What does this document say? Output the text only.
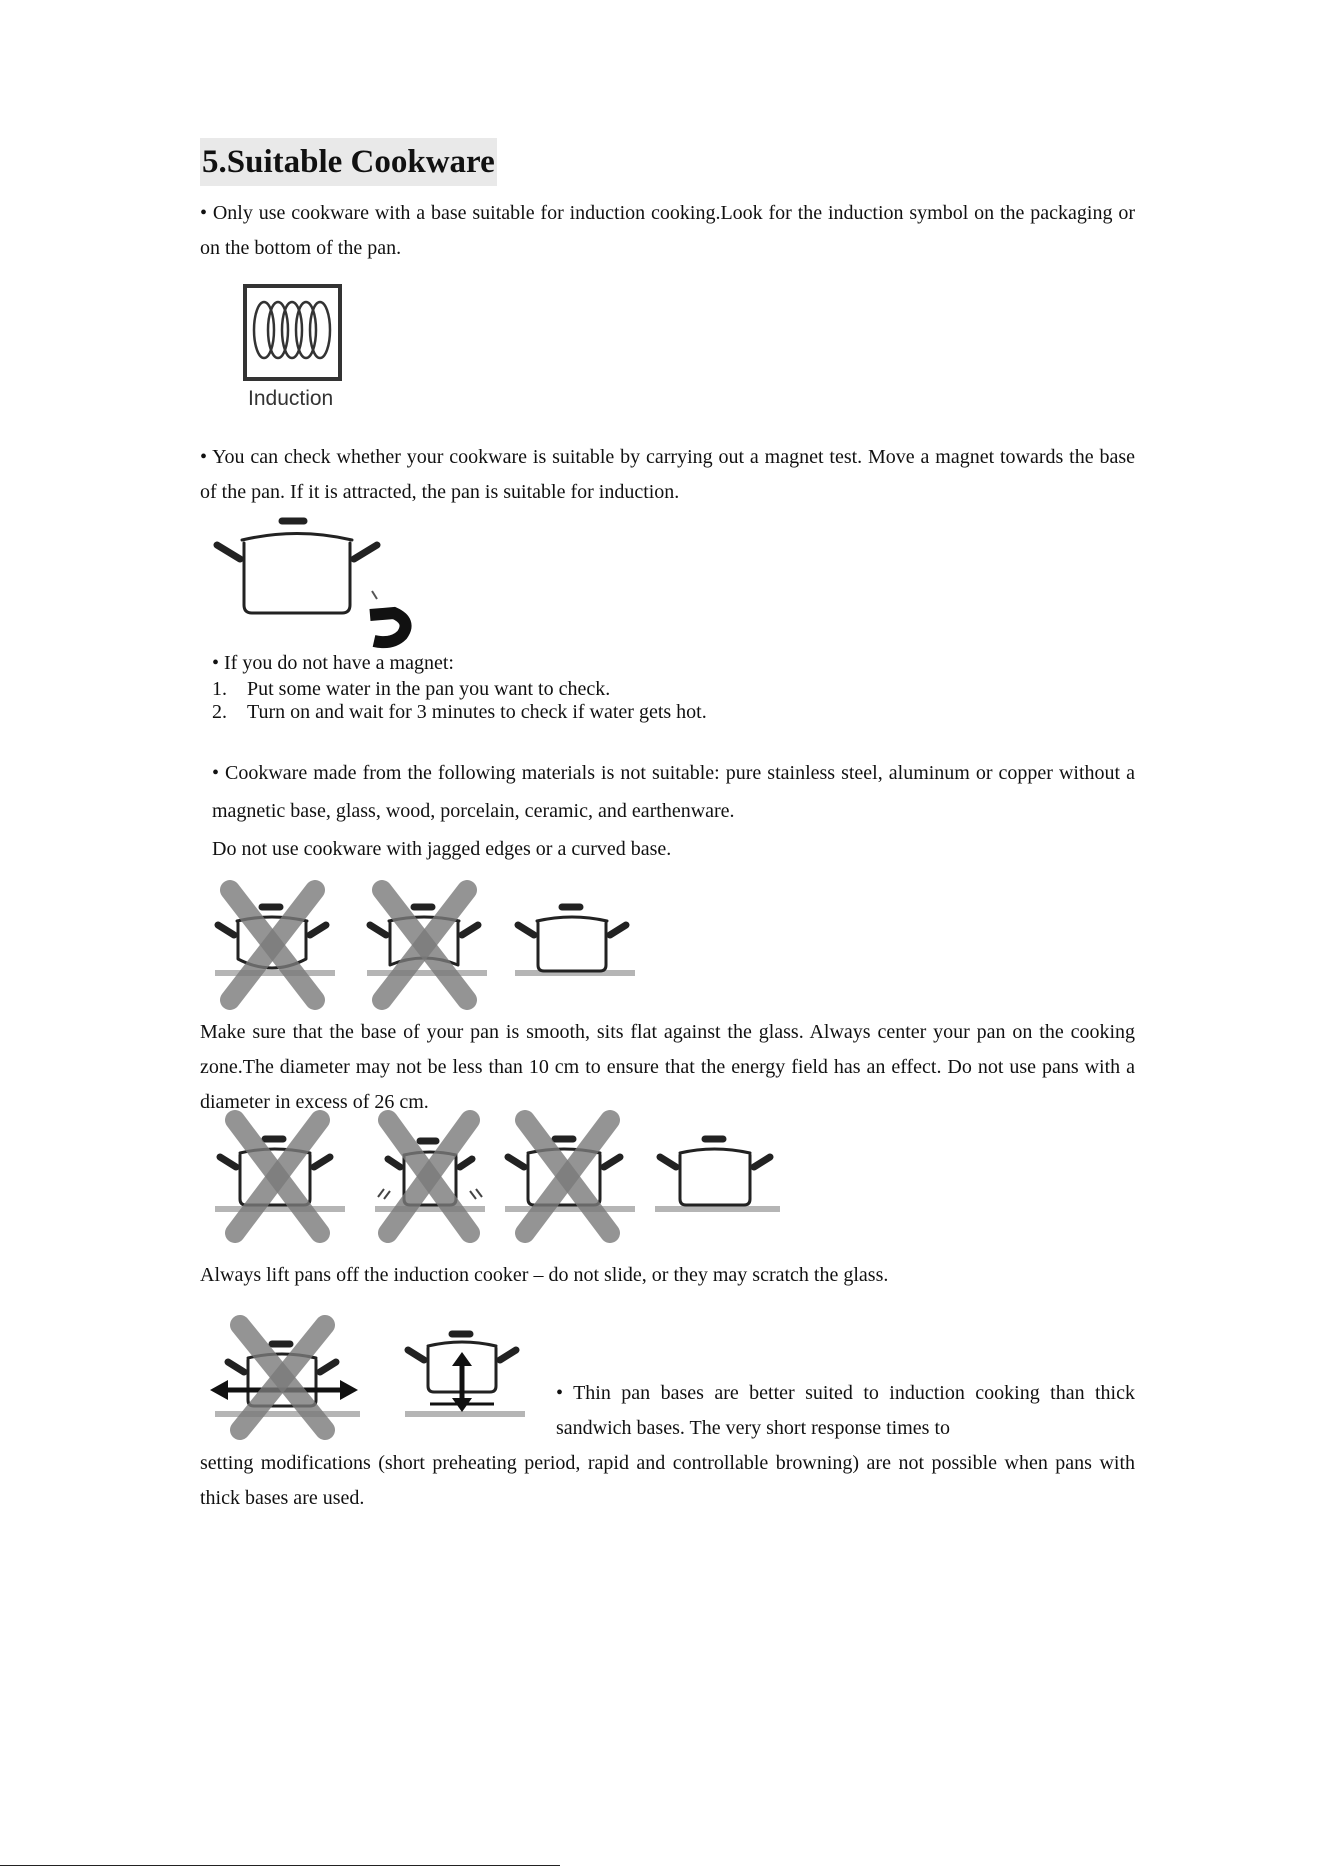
5.Suitable Cookware

• Only use cookware with a base suitable for induction cooking.Look for the induction symbol on the packaging or on the bottom of the pan.

Induction

• You can check whether your cookware is suitable by carrying out a magnet test. Move a magnet towards the base of the pan. If it is attracted, the pan is suitable for induction.

• If you do not have a magnet:
1. Put some water in the pan you want to check.
2. Turn on and wait for 3 minutes to check if water gets hot.

• Cookware made from the following materials is not suitable: pure stainless steel, aluminum or copper without a magnetic base, glass, wood, porcelain, ceramic, and earthenware.

Do not use cookware with jagged edges or a curved base.

Make sure that the base of your pan is smooth, sits flat against the glass. Always center your pan on the cooking zone.The diameter may not be less than 10 cm to ensure that the energy field has an effect. Do not use pans with a diameter in excess of 26 cm.

Always lift pans off the induction cooker – do not slide, or they may scratch the glass.

• Thin pan bases are better suited to induction cooking than thick sandwich bases. The very short response times to

setting modifications (short preheating period, rapid and controllable browning) are not possible when pans with thick bases are used.
